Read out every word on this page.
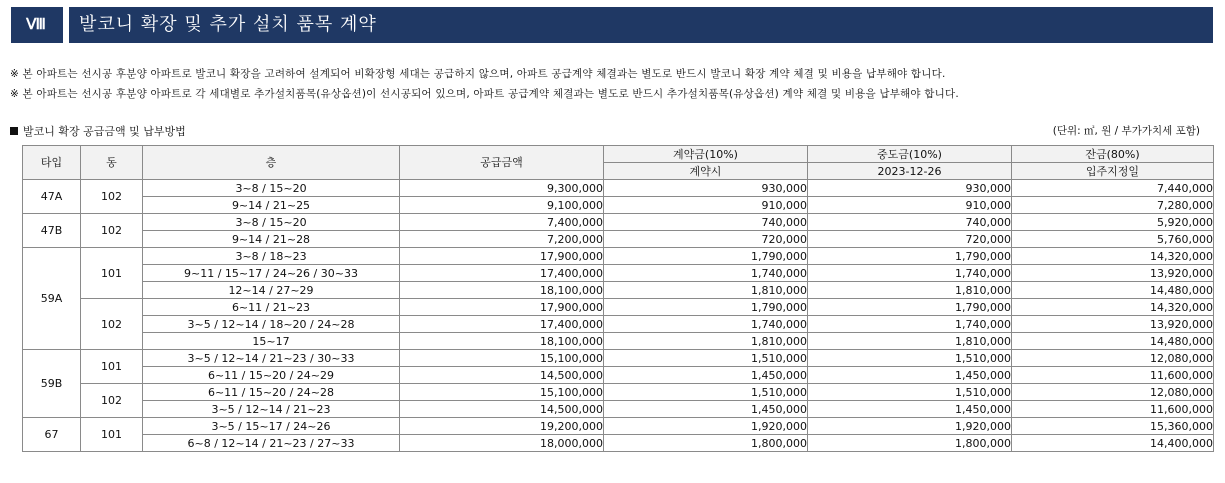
Ⅷ	발코니 확장 및 추가 설치 품목 계약
※ 본 아파트는 선시공 후분양 아파트로 발코니 확장을 고려하여 설계되어 비확장형 세대는 공급하지 않으며, 아파트 공급계약 체결과는 별도로 반드시 발코니 확장 계약 체결 및 비용을 납부해야 합니다.
※ 본 아파트는 선시공 후분양 아파트로 각 세대별로 추가설치품목(유상옵션)이 선시공되어 있으며, 아파트 공급계약 체결과는 별도로 반드시 추가설치품목(유상옵션) 계약 체결 및 비용을 납부해야 합니다.
발코니 확장 공급금액 및 납부방법	(단위: ㎡, 원 / 부가가치세 포함)
타입	동	층	공급금액	계약금(10%)	중도금(10%)	잔금(80%)
				계약시	2023-12-26	입주지정일
47A	102	3~8 / 15~20	9,300,000	930,000	930,000	7,440,000
		9~14 / 21~25	9,100,000	910,000	910,000	7,280,000
47B	102	3~8 / 15~20	7,400,000	740,000	740,000	5,920,000
		9~14 / 21~28	7,200,000	720,000	720,000	5,760,000
59A	101	3~8 / 18~23	17,900,000	1,790,000	1,790,000	14,320,000
		9~11 / 15~17 / 24~26 / 30~33	17,400,000	1,740,000	1,740,000	13,920,000
		12~14 / 27~29	18,100,000	1,810,000	1,810,000	14,480,000
	102	6~11 / 21~23	17,900,000	1,790,000	1,790,000	14,320,000
		3~5 / 12~14 / 18~20 / 24~28	17,400,000	1,740,000	1,740,000	13,920,000
		15~17	18,100,000	1,810,000	1,810,000	14,480,000
59B	101	3~5 / 12~14 / 21~23 / 30~33	15,100,000	1,510,000	1,510,000	12,080,000
		6~11 / 15~20 / 24~29	14,500,000	1,450,000	1,450,000	11,600,000
	102	6~11 / 15~20 / 24~28	15,100,000	1,510,000	1,510,000	12,080,000
		3~5 / 12~14 / 21~23	14,500,000	1,450,000	1,450,000	11,600,000
67	101	3~5 / 15~17 / 24~26	19,200,000	1,920,000	1,920,000	15,360,000
		6~8 / 12~14 / 21~23 / 27~33	18,000,000	1,800,000	1,800,000	14,400,000
